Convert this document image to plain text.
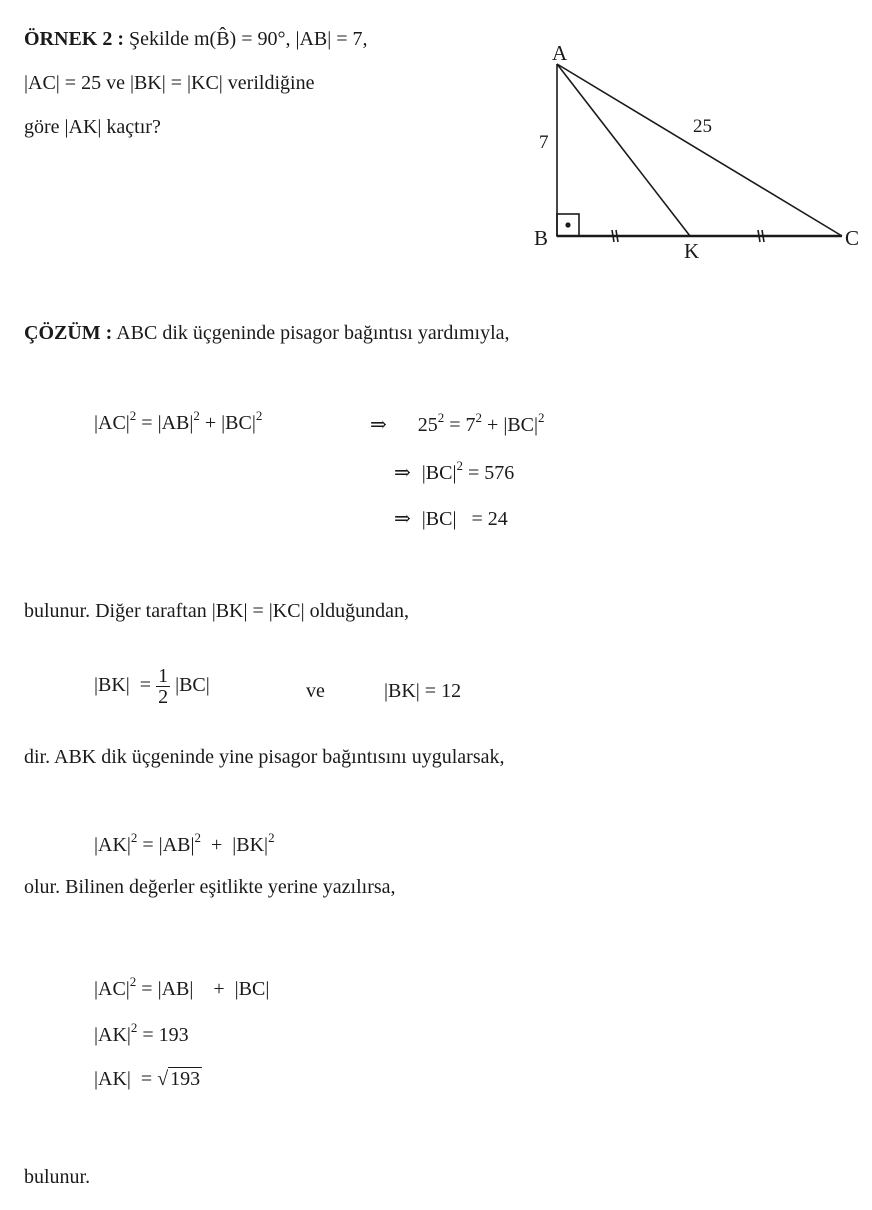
ÖRNEK 2 : Şekilde m(B̂) = 90°, |AB| = 7,
|AC| = 25 ve |BK| = |KC| verildiğine
göre |AK| kaçtır?
A
B	C
K
7
25
ÇÖZÜM : ABC dik üçgeninde pisagor bağıntısı yardımıyla,
$|AC|^2 = |AB|^2 + |BC|^2$	⇒ $25^2 = 7^2 + |BC|^2$
⇒ $|BC|^2 = 576$
⇒ |BC|   = 24
bulunur. Diğer taraftan |BK| = |KC| olduğundan,
$|BK| = \frac{1}{2} |BC|$	ve	|BK| = 12
dir. ABK dik üçgeninde yine pisagor bağıntısını uygularsak,
$|AK|^2 = |AB|^2 + |BK|^2$
olur. Bilinen değerler eşitlikte yerine yazılırsa,
$|AC|^2 = |AB|$    +  |BC|
$|AK|^2 = 193$
|AK|  = √ 193
bulunur.
